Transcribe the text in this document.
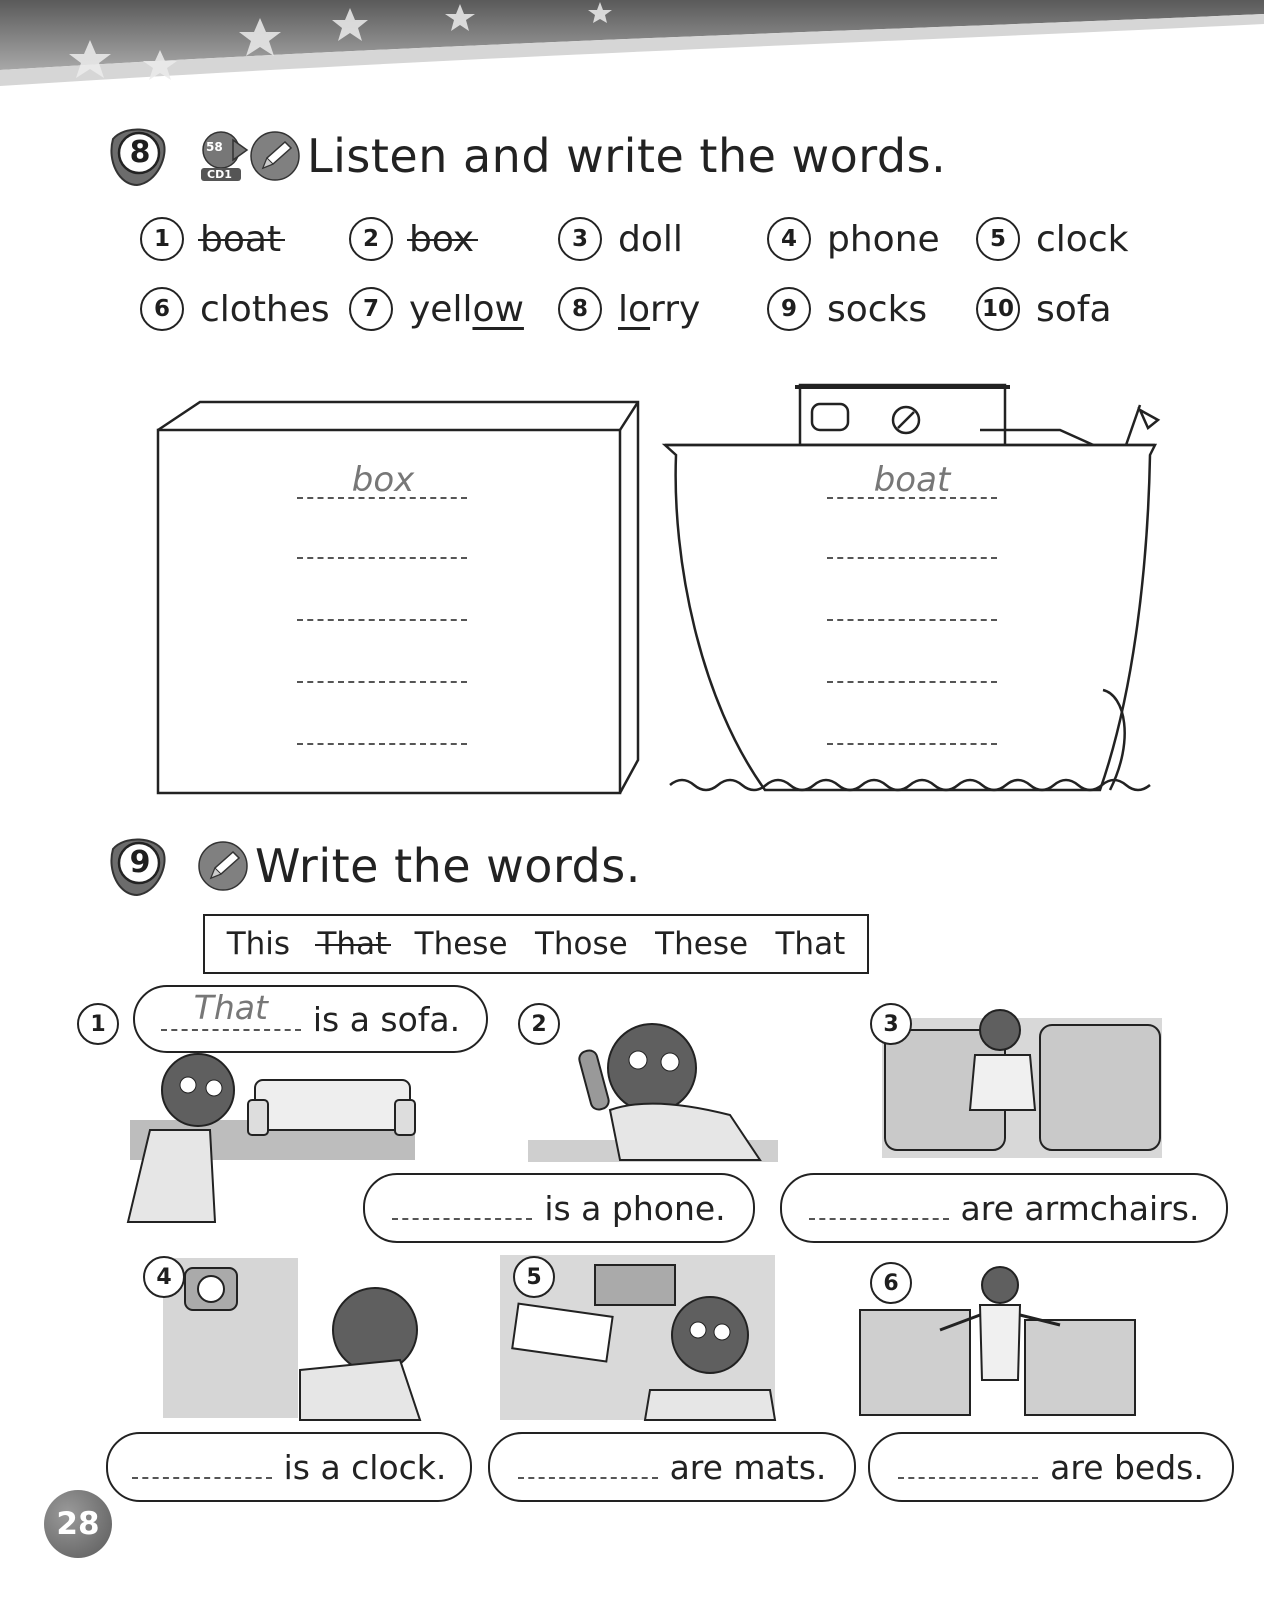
8	58
CD1 Listen and write the words.
1 boat	2 box	3 doll	4 phone	5 clock
6 clothes	7 yellow	8 lorry	9 socks 10 sofa
box	boat
9 Write the words.
This That These Those These That
1	2	3
4	5	6
That	is a sofa.
is a phone.	are armchairs.
is a clock.	are mats.	are beds.
28
